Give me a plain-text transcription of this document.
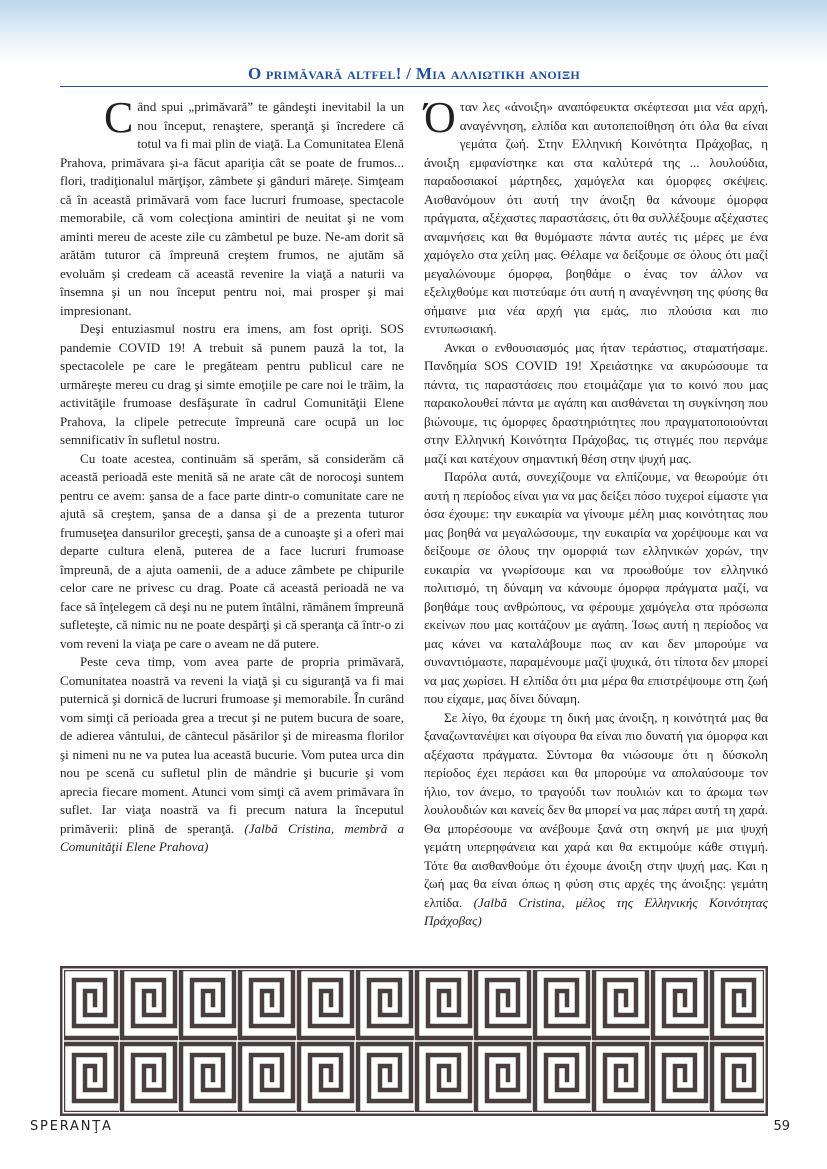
O primăvară altfel! / Μια αλλιωτικη ανοιξη

Când spui „primăvară” te gândeşti inevitabil la un nou început, renaştere, speranţă şi încredere că totul va fi mai plin de viaţă. La Comunitatea Elenă Prahova, primăvara şi-a făcut apariţia cât se poate de frumos... flori, tradiţionalul mărţişor, zâmbete şi gânduri mărețe. Simţeam că în această primăvară vom face lucruri frumoase, spectacole memorabile, că vom colecţiona amintiri de neuitat şi ne vom aminti mereu de aceste zile cu zâmbetul pe buze. Ne-am dorit să arătăm tuturor că împreună creştem frumos, ne ajutăm să evoluăm şi credeam că această revenire la viaţă a naturii va însemna şi un nou început pentru noi, mai prosper şi mai impresionant.

Deşi entuziasmul nostru era imens, am fost opriţi. SOS pandemie COVID 19! A trebuit să punem pauză la tot, la spectacolele pe care le pregăteam pentru publicul care ne urmăreşte mereu cu drag şi simte emoţiile pe care noi le trăim, la activităţile frumoase desfăşurate în cadrul Comunităţii Elene Prahova, la clipele petrecute împreună care ocupă un loc semnificativ în sufletul nostru.

Cu toate acestea, continuăm să sperăm, să considerăm că această perioadă este menită să ne arate cât de norocoşi suntem pentru ce avem: şansa de a face parte dintr-o comunitate care ne ajută să creştem, şansa de a dansa şi de a prezenta tuturor frumuseţea dansurilor greceşti, şansa de a cunoaşte şi a oferi mai departe cultura elenă, puterea de a face lucruri frumoase împreună, de a ajuta oamenii, de a aduce zâmbete pe chipurile celor care ne privesc cu drag. Poate că această perioadă ne va face să înţelegem că deşi nu ne putem întâlni, rămânem împreună sufleteşte, că nimic nu ne poate despărţi şi că speranţa că într-o zi vom reveni la viaţa pe care o aveam ne dă putere.

Peste ceva timp, vom avea parte de propria primăvară, Comunitatea noastră va reveni la viaţă şi cu siguranţă va fi mai puternică şi dornică de lucruri frumoase şi memorabile. În curând vom simţi că perioada grea a trecut şi ne putem bucura de soare, de adierea vântului, de cântecul păsărilor şi de mireasma florilor şi nimeni nu ne va putea lua această bucurie. Vom putea urca din nou pe scenă cu sufletul plin de mândrie şi bucurie şi vom aprecia fiecare moment. Atunci vom simţi că avem primăvara în suflet. Iar viaţa noastră va fi precum natura la începutul primăverii: plină de speranţă. (Jalbă Cristina, membră a Comunităţii Elene Prahova)

Όταν λες «άνοιξη» αναπόφευκτα σκέφτεσαι μια νέα αρχή, αναγέννηση, ελπίδα και αυτοπεποίθηση ότι όλα θα είναι γεμάτα ζωή. Στην Ελληνική Κοινότητα Πράχοβας, η άνοιξη εμφανίστηκε και στα καλύτερά της ... λουλούδια, παραδοσιακοί μάρτηδες, χαμόγελα και όμορφες σκέψεις. Αισθανόμουν ότι αυτή την άνοιξη θα κάνουμε όμορφα πράγματα, αξέχαστες παραστάσεις, ότι θα συλλέξουμε αξέχαστες αναμνήσεις και θα θυμόμαστε πάντα αυτές τις μέρες με ένα χαμόγελο στα χείλη μας. Θέλαμε να δείξουμε σε όλους ότι μαζί μεγαλώνουμε όμορφα, βοηθάμε ο ένας τον άλλον να εξελιχθούμε και πιστεύαμε ότι αυτή η αναγέννηση της φύσης θα σήμαινε μια νέα αρχή για εμάς, πιο πλούσια και πιο εντυπωσιακή.

Ανκαι ο ενθουσιασμός μας ήταν τεράστιος, σταματήσαμε. Πανδημία SOS COVID 19! Χρειάστηκε να ακυρώσουμε τα πάντα, τις παραστάσεις που ετοιμάζαμε για το κοινό που μας παρακολουθεί πάντα με αγάπη και αισθάνεται τη συγκίνηση που βιώνουμε, τις όμορφες δραστηριότητες που πραγματοποιούνται στην Ελληνική Κοινότητα Πράχοβας, τις στιγμές που περνάμε μαζί και κατέχουν σημαντική θέση στην ψυχή μας.

Παρόλα αυτά, συνεχίζουμε να ελπίζουμε, να θεωρούμε ότι αυτή η περίοδος είναι για να μας δείξει πόσο τυχεροί είμαστε για όσα έχουμε: την ευκαιρία να γίνουμε μέλη μιας κοινότητας που μας βοηθά να μεγαλώσουμε, την ευκαιρία να χορέψουμε και να δείξουμε σε όλους την ομορφιά των ελληνικών χορών, την ευκαιρία να γνωρίσουμε και να προωθούμε τον ελληνικό πολιτισμό, τη δύναμη να κάνουμε όμορφα πράγματα μαζί, να βοηθάμε τους ανθρώπους, να φέρουμε χαμόγελα στα πρόσωπα εκείνων που μας κοιτάζουν με αγάπη. Ίσως αυτή η περίοδος να μας κάνει να καταλάβουμε πως αν και δεν μπορούμε να συναντιόμαστε, παραμένουμε μαζί ψυχικά, ότι τίποτα δεν μπορεί να μας χωρίσει. Η ελπίδα ότι μια μέρα θα επιστρέψουμε στη ζωή που είχαμε, μας δίνει δύναμη.

Σε λίγο, θα έχουμε τη δική μας άνοιξη, η κοινότητά μας θα ξαναζωντανέψει και σίγουρα θα είναι πιο δυνατή για όμορφα και αξέχαστα πράγματα. Σύντομα θα νιώσουμε ότι η δύσκολη περίοδος έχει περάσει και θα μπορούμε να απολαύσουμε τον ήλιο, τον άνεμο, το τραγούδι των πουλιών και το άρωμα των λουλουδιών και κανείς δεν θα μπορεί να μας πάρει αυτή τη χαρά. Θα μπορέσουμε να ανέβουμε ξανά στη σκηνή με μια ψυχή γεμάτη υπερηφάνεια και χαρά και θα εκτιμούμε κάθε στιγμή. Τότε θα αισθανθούμε ότι έχουμε άνοιξη στην ψυχή μας. Και η ζωή μας θα είναι όπως η φύση στις αρχές της άνοιξης: γεμάτη ελπίδα. (Jalbă Cristina, μέλος της Ελληνικής Κοινότητας Πράχοβας)

SPERANŢA	59
